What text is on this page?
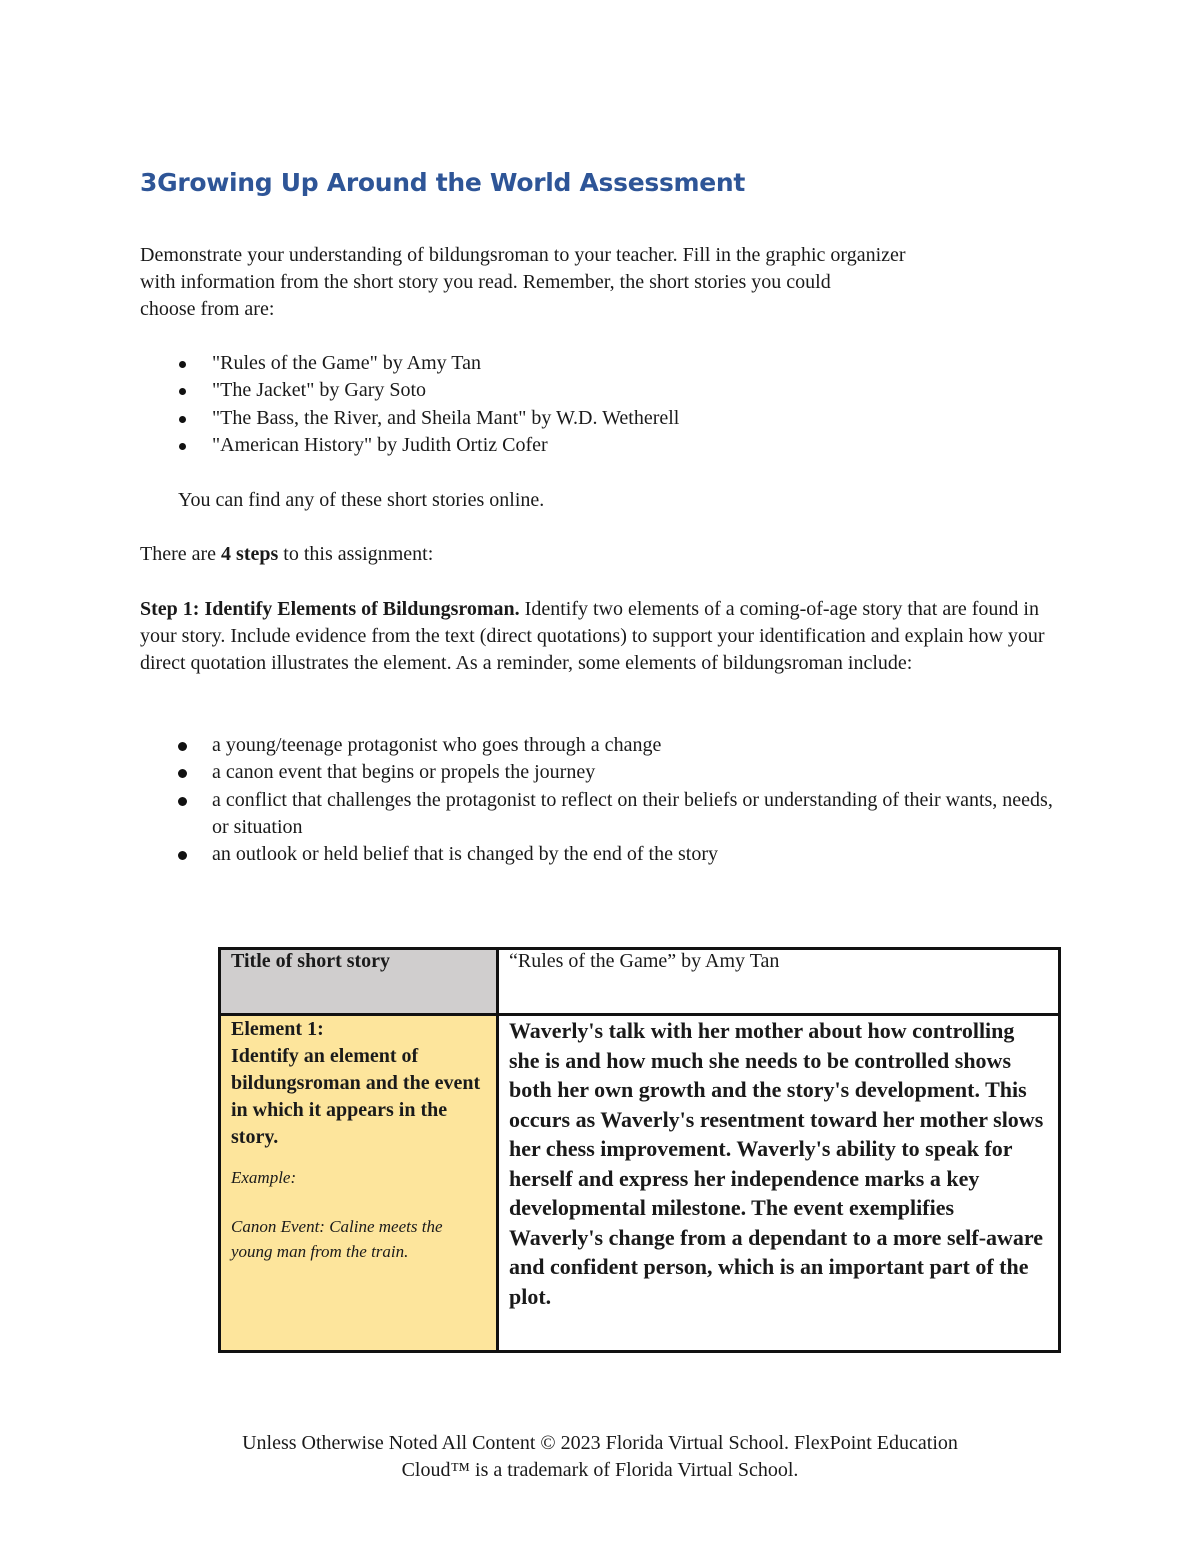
3Growing Up Around the World Assessment
Demonstrate your understanding of bildungsroman to your teacher. Fill in the graphic organizer
with information from the short story you read. Remember, the short stories you could
choose from are:
"Rules of the Game" by Amy Tan
"The Jacket" by Gary Soto
"The Bass, the River, and Sheila Mant" by W.D. Wetherell
"American History" by Judith Ortiz Cofer
You can find any of these short stories online.
There are 4 steps to this assignment:
Step 1: Identify Elements of Bildungsroman. Identify two elements of a coming-of-age story that are found in your story. Include evidence from the text (direct quotations) to support your identification and explain how your direct quotation illustrates the element. As a reminder, some elements of bildungsroman include:
a young/teenage protagonist who goes through a change
a canon event that begins or propels the journey
a conflict that challenges the protagonist to reflect on their beliefs or understanding of their wants, needs, or situation
an outlook or held belief that is changed by the end of the story
Title of short story	“Rules of the Game” by Amy Tan

Element 1:
Identify an element of bildungsroman and the event in which it appears in the story.
Example:
Canon Event: Caline meets the young man from the train.
	Waverly's talk with her mother about how controlling she is and how much she needs to be controlled shows both her own growth and the story's development. This occurs as Waverly's resentment toward her mother slows her chess improvement. Waverly's ability to speak for herself and express her independence marks a key developmental milestone. The event exemplifies Waverly's change from a dependant to a more self-aware and confident person, which is an important part of the plot.
Unless Otherwise Noted All Content © 2023 Florida Virtual School. FlexPoint Education
Cloud™ is a trademark of Florida Virtual School.
